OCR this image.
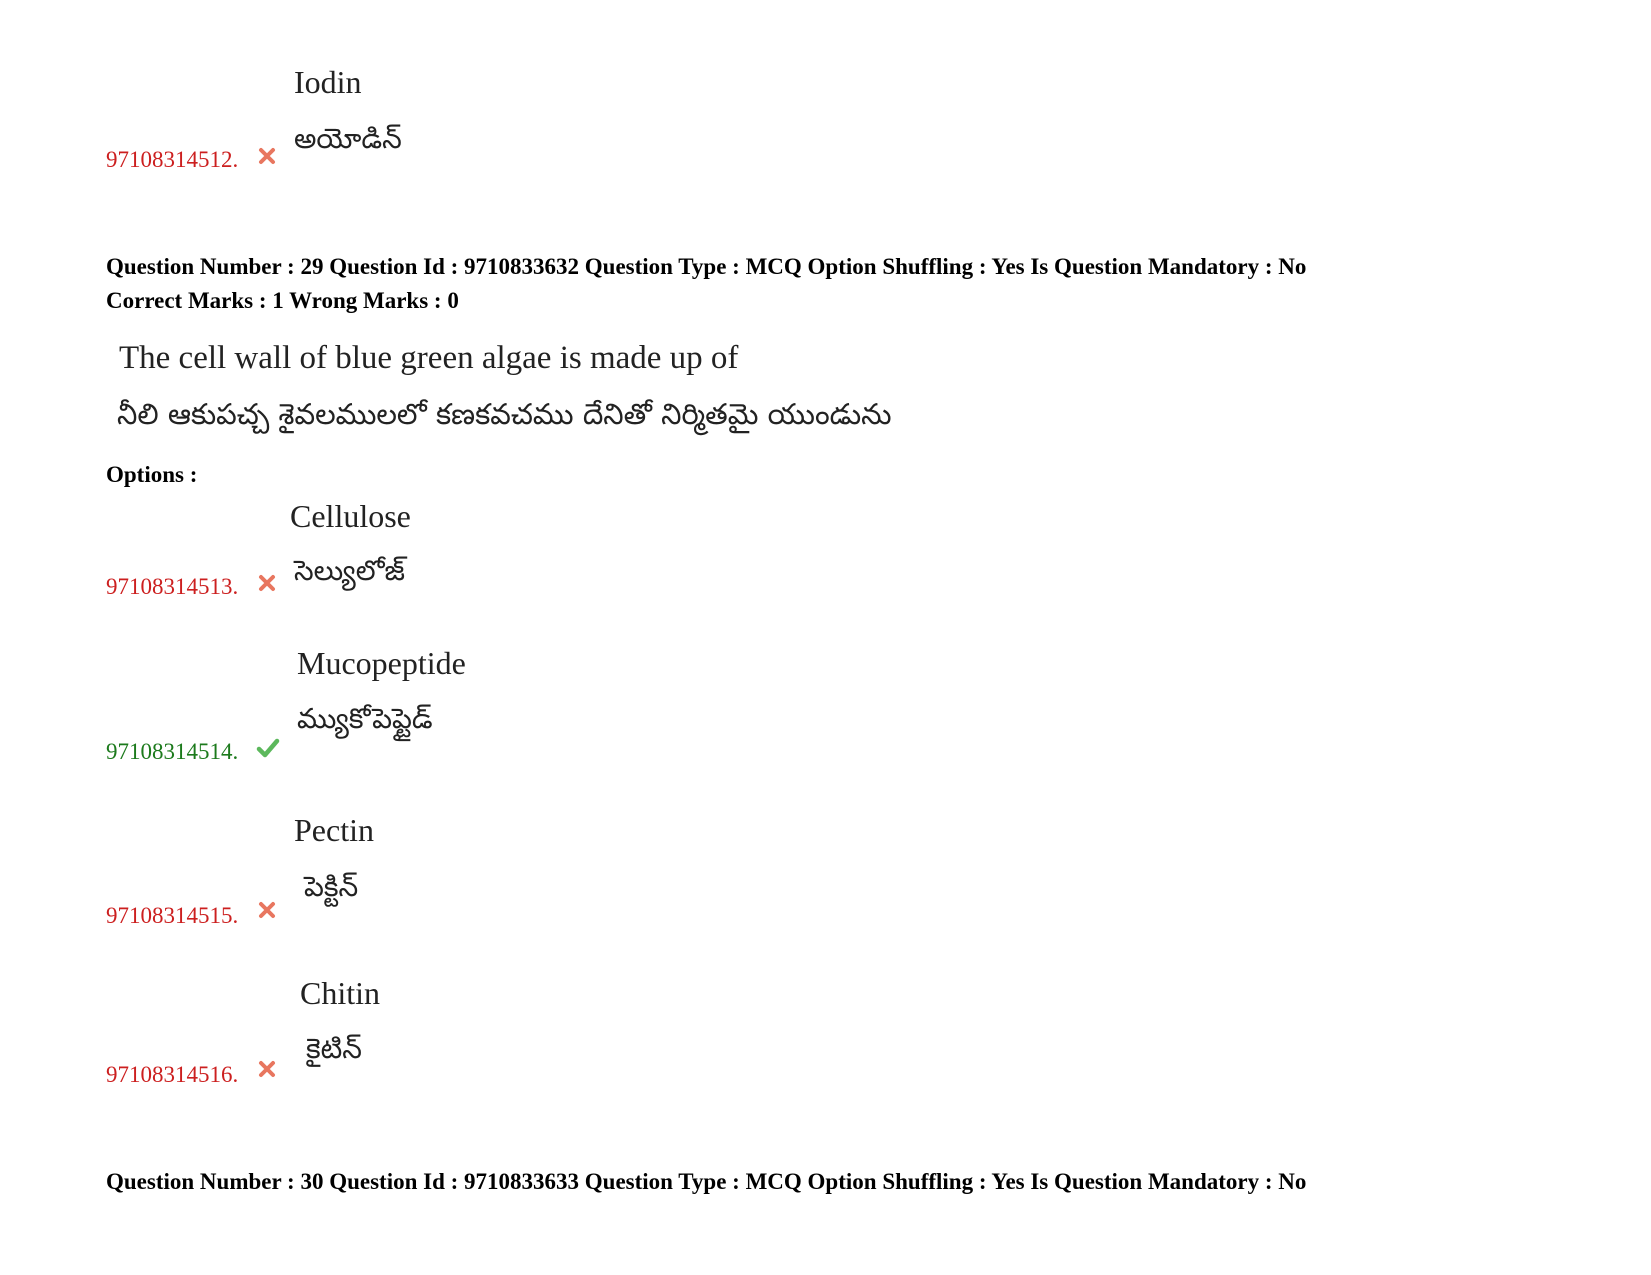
Iodin
అయోడిన్
97108314512.
Question Number : 29 Question Id : 9710833632 Question Type : MCQ Option Shuffling : Yes Is Question Mandatory : No
Correct Marks : 1 Wrong Marks : 0
The cell wall of blue green algae is made up of
నీలి ఆకుపచ్చ శైవలములలో కణకవచము దేనితో నిర్మితమై యుండును
Options :
Cellulose
సెల్యులోజ్
97108314513.
Mucopeptide
మ్యుకోపెప్టైడ్
97108314514.
Pectin
పెక్టిన్
97108314515.
Chitin
కైటిన్
97108314516.
Question Number : 30 Question Id : 9710833633 Question Type : MCQ Option Shuffling : Yes Is Question Mandatory : No
